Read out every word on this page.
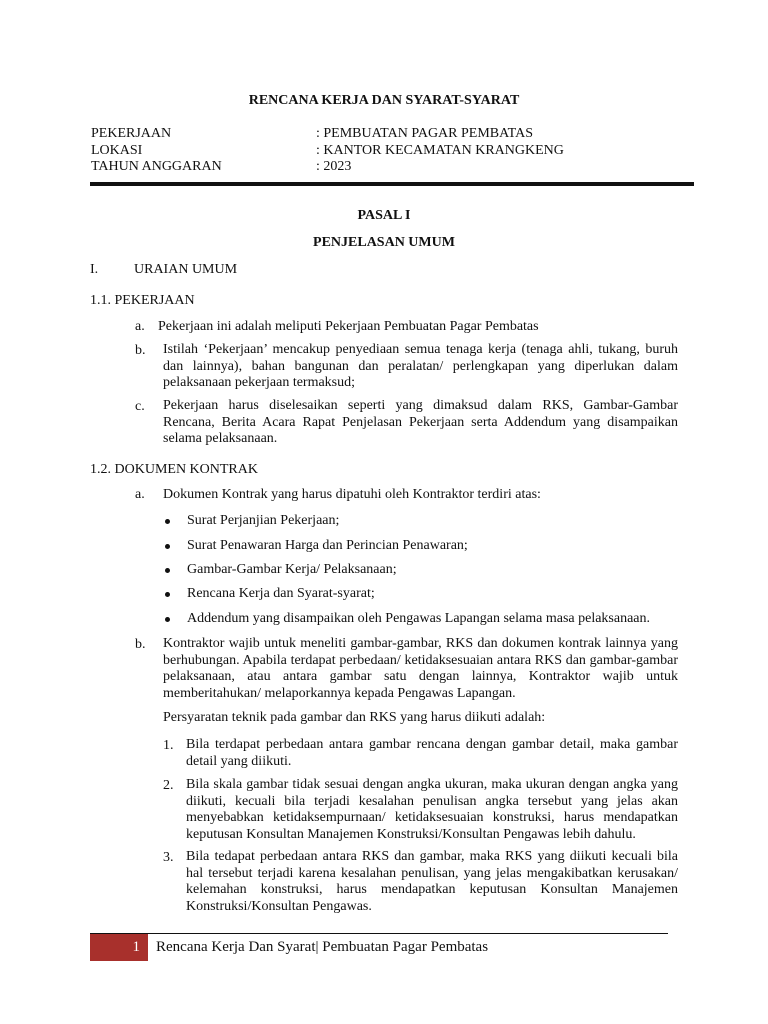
RENCANA KERJA DAN SYARAT-SYARAT
PEKERJAAN	: PEMBUATAN PAGAR PEMBATAS
LOKASI	: KANTOR KECAMATAN KRANGKENG
TAHUN ANGGARAN	: 2023
PASAL I
PENJELASAN UMUM
I.	URAIAN UMUM
1.1. PEKERJAAN
a. Pekerjaan ini adalah meliputi Pekerjaan Pembuatan Pagar Pembatas
b. Istilah ‘Pekerjaan’ mencakup penyediaan semua tenaga kerja (tenaga ahli, tukang, buruh dan lainnya), bahan bangunan dan peralatan/ perlengkapan yang diperlukan dalam pelaksanaan pekerjaan termaksud;
c. Pekerjaan harus diselesaikan seperti yang dimaksud dalam RKS, Gambar-Gambar Rencana, Berita Acara Rapat Penjelasan Pekerjaan serta Addendum yang disampaikan selama pelaksanaan.
1.2. DOKUMEN KONTRAK
a. Dokumen Kontrak yang harus dipatuhi oleh Kontraktor terdiri atas:
Surat Perjanjian Pekerjaan;
Surat Penawaran Harga dan Perincian Penawaran;
Gambar-Gambar Kerja/ Pelaksanaan;
Rencana Kerja dan Syarat-syarat;
Addendum yang disampaikan oleh Pengawas Lapangan selama masa pelaksanaan.
b. Kontraktor wajib untuk meneliti gambar-gambar, RKS dan dokumen kontrak lainnya yang berhubungan. Apabila terdapat perbedaan/ ketidaksesuaian antara RKS dan gambar-gambar pelaksanaan, atau antara gambar satu dengan lainnya, Kontraktor wajib untuk memberitahukan/ melaporkannya kepada Pengawas Lapangan.
Persyaratan teknik pada gambar dan RKS yang harus diikuti adalah:
1. Bila terdapat perbedaan antara gambar rencana dengan gambar detail, maka gambar detail yang diikuti.
2. Bila skala gambar tidak sesuai dengan angka ukuran, maka ukuran dengan angka yang diikuti, kecuali bila terjadi kesalahan penulisan angka tersebut yang jelas akan menyebabkan ketidaksempurnaan/ ketidaksesuaian konstruksi, harus mendapatkan keputusan Konsultan Manajemen Konstruksi/Konsultan Pengawas lebih dahulu.
3. Bila tedapat perbedaan antara RKS dan gambar, maka RKS yang diikuti kecuali bila hal tersebut terjadi karena kesalahan penulisan, yang jelas mengakibatkan kerusakan/ kelemahan konstruksi, harus mendapatkan keputusan Konsultan Manajemen Konstruksi/Konsultan Pengawas.
1	Rencana Kerja Dan Syarat| Pembuatan Pagar Pembatas
